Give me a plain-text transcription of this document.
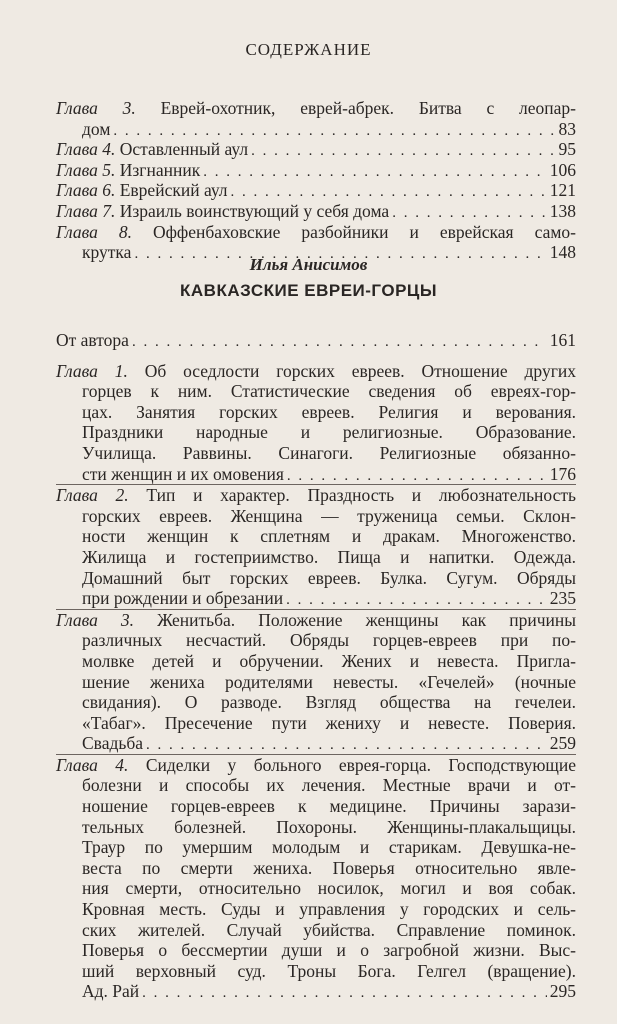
СОДЕРЖАНИЕ
Глава 3. Еврей-охотник, еврей-абрек. Битва с леопар-
дом . . .	83
Глава 4. Оставленный аул . . .	95
Глава 5. Изгнанник . . .	106
Глава 6. Еврейский аул . . .	121
Глава 7. Израиль воинствующий у себя дома . . .	138
Глава 8. Оффенбаховские разбойники и еврейская само-
крутка . . .	148
Илья Анисимов
КАВКАЗСКИЕ ЕВРЕИ-ГОРЦЫ
От автора . . .	161
Глава 1. Об оседлости горских евреев. Отношение других
горцев к ним. Статистические сведения об евреях-гор-
цах. Занятия горских евреев. Религия и верования.
Праздники народные и религиозные. Образование.
Училища. Раввины. Синагоги. Религиозные обязанно-
сти женщин и их омовения . . .	176
Глава 2. Тип и характер. Праздность и любознательность
горских евреев. Женщина — труженица семьи. Склон-
ности женщин к сплетням и дракам. Многоженство.
Жилища и гостеприимство. Пища и напитки. Одежда.
Домашний быт горских евреев. Булка. Сугум. Обряды
при рождении и обрезании . . .	235
Глава 3. Женитьба. Положение женщины как причины
различных несчастий. Обряды горцев-евреев при по-
молвке детей и обручении. Жених и невеста. Пригла-
шение жениха родителями невесты. «Гечелей» (ночные
свидания). О разводе. Взгляд общества на гечелеи.
«Табаг». Пресечение пути жениху и невесте. Поверия.
Свадьба . . .	259
Глава 4. Сиделки у больного еврея-горца. Господствующие
болезни и способы их лечения. Местные врачи и от-
ношение горцев-евреев к медицине. Причины зарази-
тельных болезней. Похороны. Женщины-плакальщицы.
Траур по умершим молодым и старикам. Девушка-не-
веста по смерти жениха. Поверья относительно явле-
ния смерти, относительно носилок, могил и воя собак.
Кровная месть. Суды и управления у городских и сель-
ских жителей. Случай убийства. Справление поминок.
Поверья о бессмертии души и о загробной жизни. Выс-
ший верховный суд. Троны Бога. Гелгел (вращение).
Ад. Рай . . .	295
